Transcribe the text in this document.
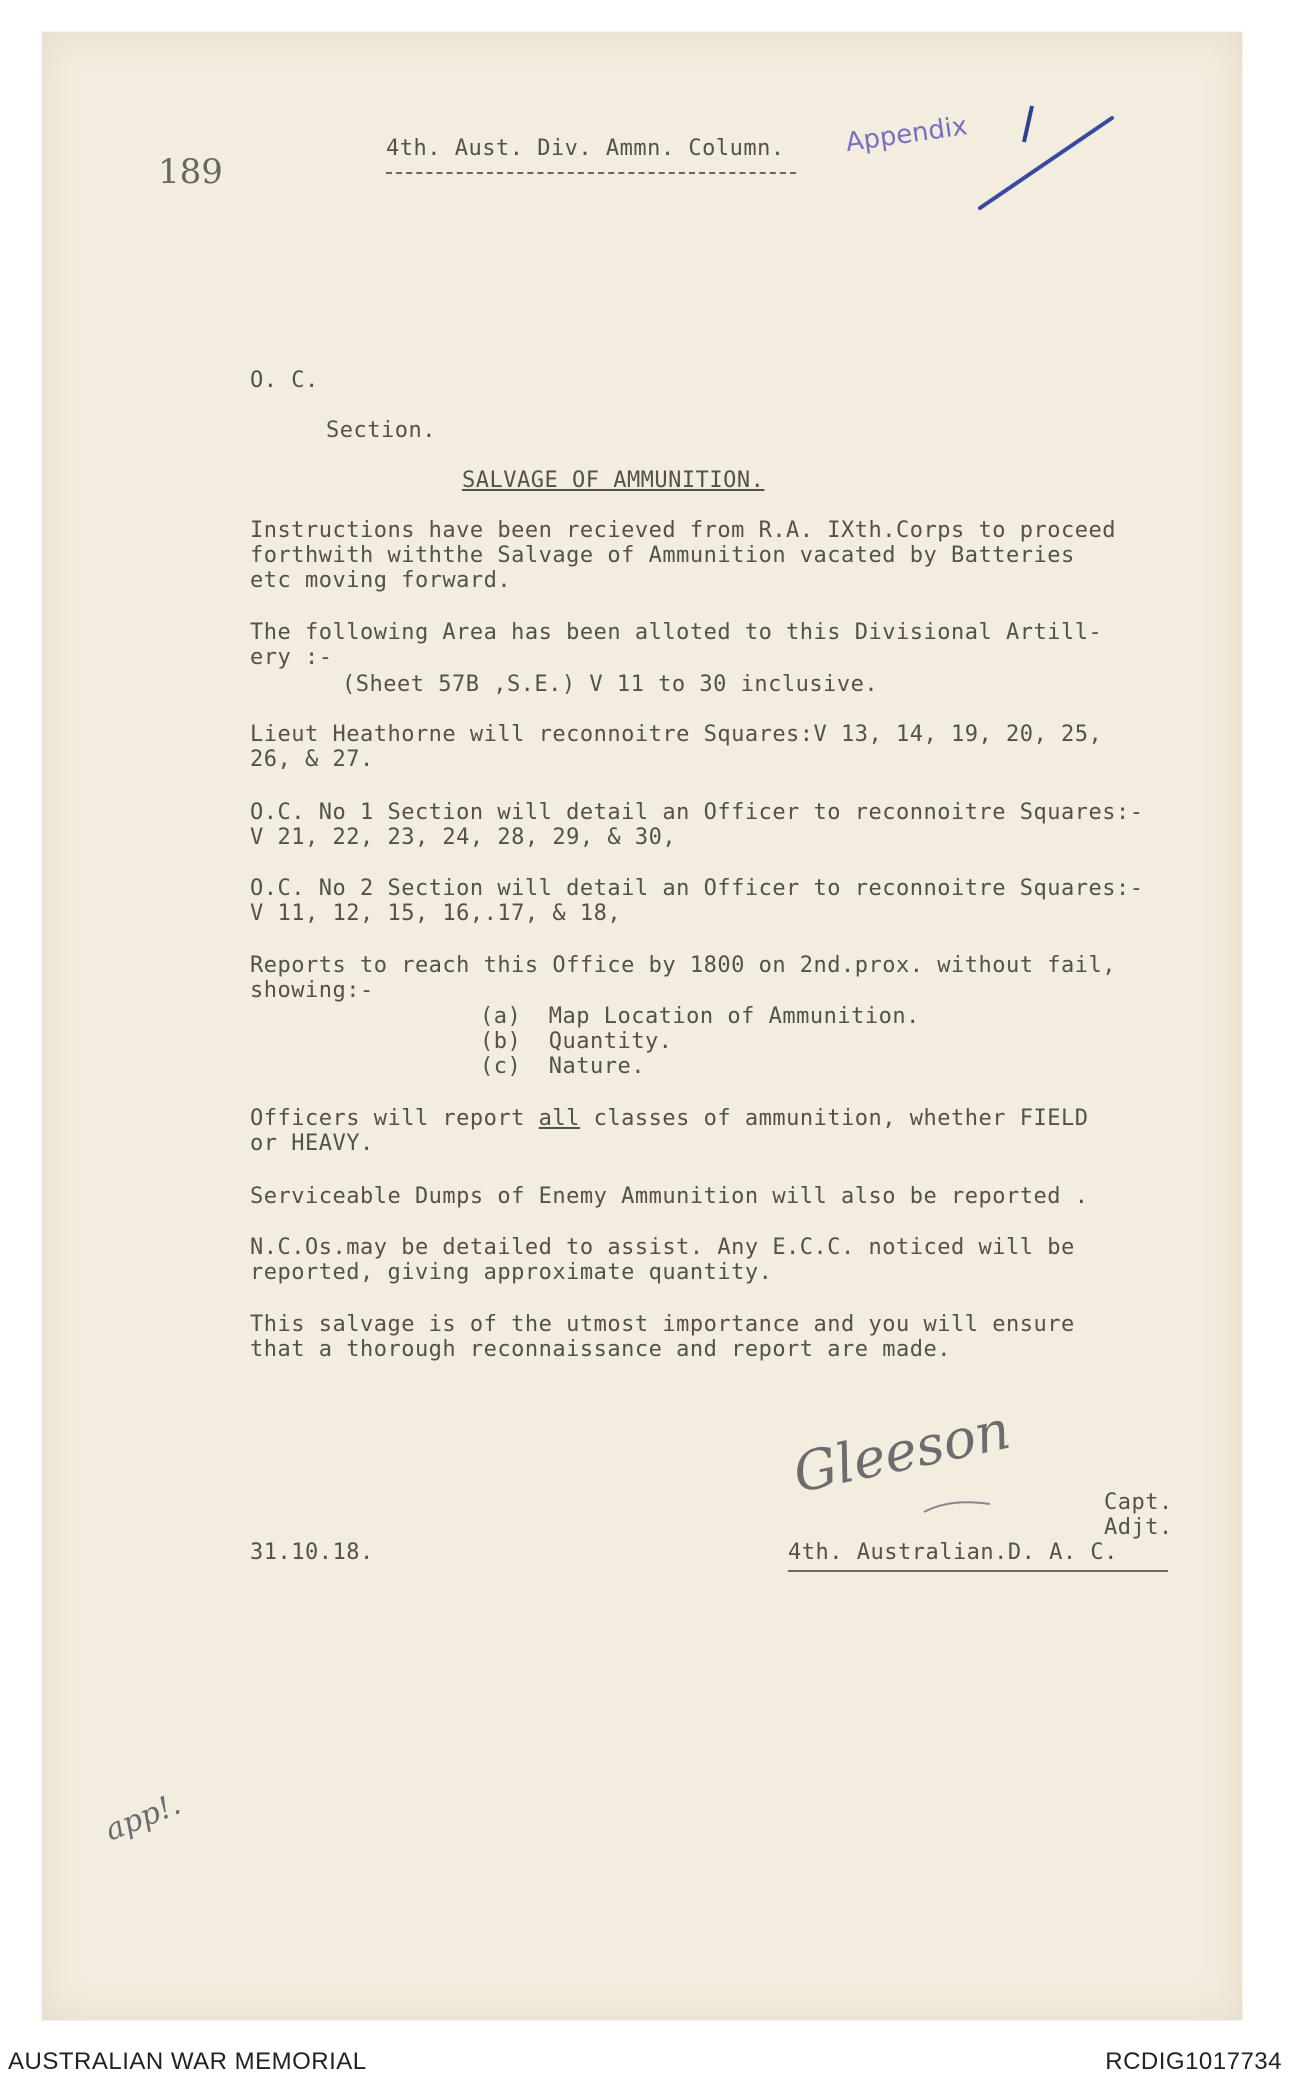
189
4th. Aust. Div. Ammn. Column. Appendix
O. C.
Section.
SALVAGE OF AMMUNITION.
Instructions have been recieved from R.A. IXth.Corps to proceed
forthwith withthe Salvage of Ammunition vacated by Batteries
etc moving forward.
The following Area has been alloted to this Divisional Artill-
ery :-
(Sheet 57B ,S.E.) V 11 to 30 inclusive.
Lieut Heathorne will reconnoitre Squares:V 13, 14, 19, 20, 25,
26, & 27.
O.C. No 1 Section will detail an Officer to reconnoitre Squares:-
V 21, 22, 23, 24, 28, 29, & 30,
O.C. No 2 Section will detail an Officer to reconnoitre Squares:-
V 11, 12, 15, 16,.17, & 18,
Reports to reach this Office by 1800 on 2nd.prox. without fail,
showing:-
(a)  Map Location of Ammunition.
(b)  Quantity.
(c)  Nature.
Officers will report all classes of ammunition, whether FIELD
or HEAVY.
Serviceable Dumps of Enemy Ammunition will also be reported .
N.C.Os.may be detailed to assist. Any E.C.C. noticed will be
reported, giving approximate quantity.
This salvage is of the utmost importance and you will ensure
that a thorough reconnaissance and report are made.
Gleeson	Capt.
Adjt.
31.10.18.	4th. Australian.D. A. C.
app!.
AUSTRALIAN WAR MEMORIAL	RCDIG1017734
